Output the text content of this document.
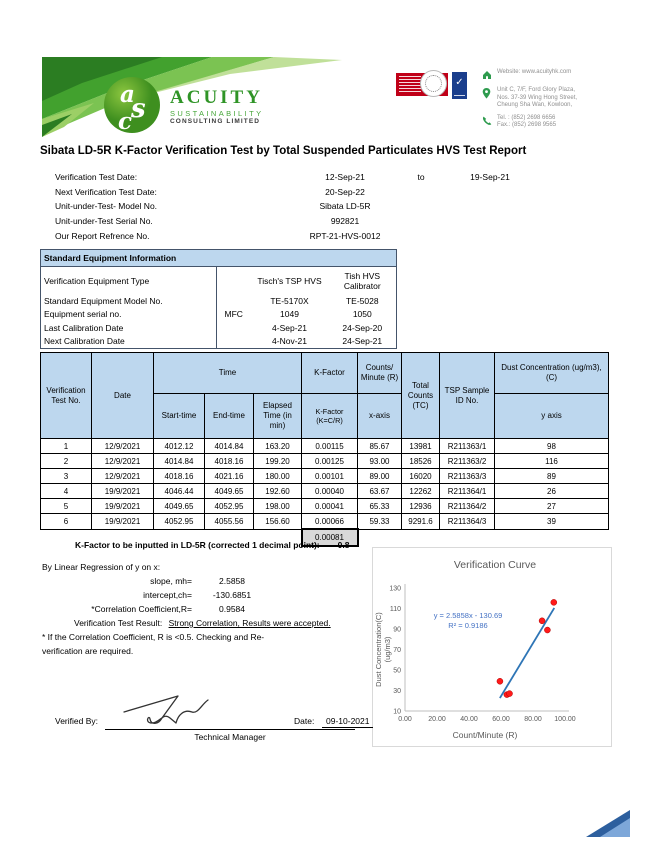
a
s
c
ACUITY
SUSTAINABILITY
CONSULTING LIMITED
✓
Website: www.acuityhk.com
Unit C, 7/F, Ford Glory Plaza,
Nos. 37-39 Wing Hong Street,
Cheung Sha Wan, Kowloon,
Tel. : (852) 2698 6656
Fax.: (852) 2698 9565
Sibata LD-5R K-Factor Verification Test by Total Suspended Particulates HVS Test Report
Verification Test Date:	12-Sep-21	to	19-Sep-21
Next Verification Test Date:	20-Sep-22
Unit-under-Test- Model No.	Sibata LD-5R
Unit-under-Test Serial No.	992821
Our Report Refrence No.	RPT-21-HVS-0012
Standard Equipment Information			
Verification Equipment Type		Tisch's TSP HVS	Tish HVS Calibrator
Standard Equipment Model No.		TE-5170X	TE-5028
Equipment serial no.	MFC	1049	1050
Last Calibration Date		4-Sep-21	24-Sep-20
Next Calibration Date		4-Nov-21	24-Sep-21
Verification Test No.	Date	Time			K-Factor	Counts/ Minute (R)	Total Counts (TC)	TSP Sample ID No.	Dust Concentration (ug/m3), (C)
		Start-time	End-time	Elapsed Time (in min)	K-Factor (K=C/R)	x-axis			y axis
1	12/9/2021	4012.12	4014.84	163.20	0.00115	85.67	13981	R211363/1	98
2	12/9/2021	4014.84	4018.16	199.20	0.00125	93.00	18526	R211363/2	116
3	12/9/2021	4018.16	4021.16	180.00	0.00101	89.00	16020	R211363/3	89
4	19/9/2021	4046.44	4049.65	192.60	0.00040	63.67	12262	R211364/1	26
5	19/9/2021	4049.65	4052.95	198.00	0.00041	65.33	12936	R211364/2	27
6	19/9/2021	4052.95	4055.56	156.60	0.00066	59.33	9291.6	R211364/3	39
					0.00081				
K-Factor to be inputted in LD-5R (corrected 1 decimal point): 0.8
By Linear Regression of y on x:
slope, mh=	2.5858
intercept,ch=	-130.6851
*Correlation Coefficient,R=	0.9584
Verification Test Result: Strong Correlation, Results were accepted.
* If the Correlation Coefficient, R is <0.5. Checking and Re-
verification are required.
10
30
50
70
90
110
130
0.00 20.00 40.00 60.00 80.00 100.00
Verification Curve
y = 2.5858x - 130.69
R² = 0.9186
Count/Minute (R)
Dust Concentration(C) (ug/m3)
Verified By:
Technical Manager
Date:	09-10-2021
